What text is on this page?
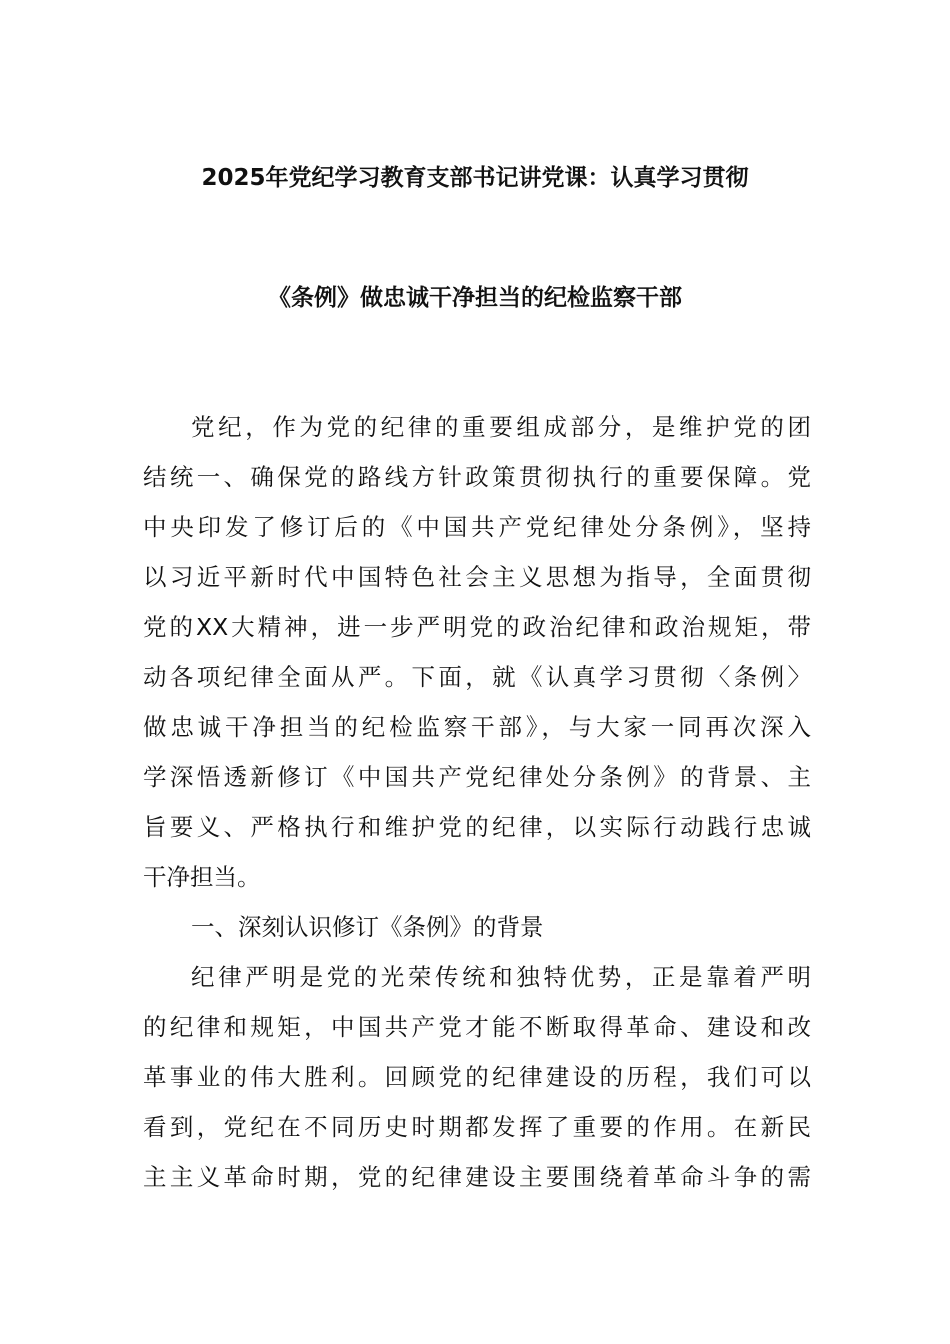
2025年党纪学习教育支部书记讲党课：认真学习贯彻
《条例》做忠诚干净担当的纪检监察干部
党纪，作为党的纪律的重要组成部分，是维护党的团
结统一、确保党的路线方针政策贯彻执行的重要保障。党
中央印发了修订后的《中国共产党纪律处分条例》，坚持
以习近平新时代中国特色社会主义思想为指导，全面贯彻
党的XX大精神，进一步严明党的政治纪律和政治规矩，带
动各项纪律全面从严。下面，就《认真学习贯彻〈条例〉
做忠诚干净担当的纪检监察干部》，与大家一同再次深入
学深悟透新修订《中国共产党纪律处分条例》的背景、主
旨要义、严格执行和维护党的纪律，以实际行动践行忠诚
干净担当。
一、深刻认识修订《条例》的背景
纪律严明是党的光荣传统和独特优势，正是靠着严明
的纪律和规矩，中国共产党才能不断取得革命、建设和改
革事业的伟大胜利。回顾党的纪律建设的历程，我们可以
看到，党纪在不同历史时期都发挥了重要的作用。在新民
主主义革命时期，党的纪律建设主要围绕着革命斗争的需
